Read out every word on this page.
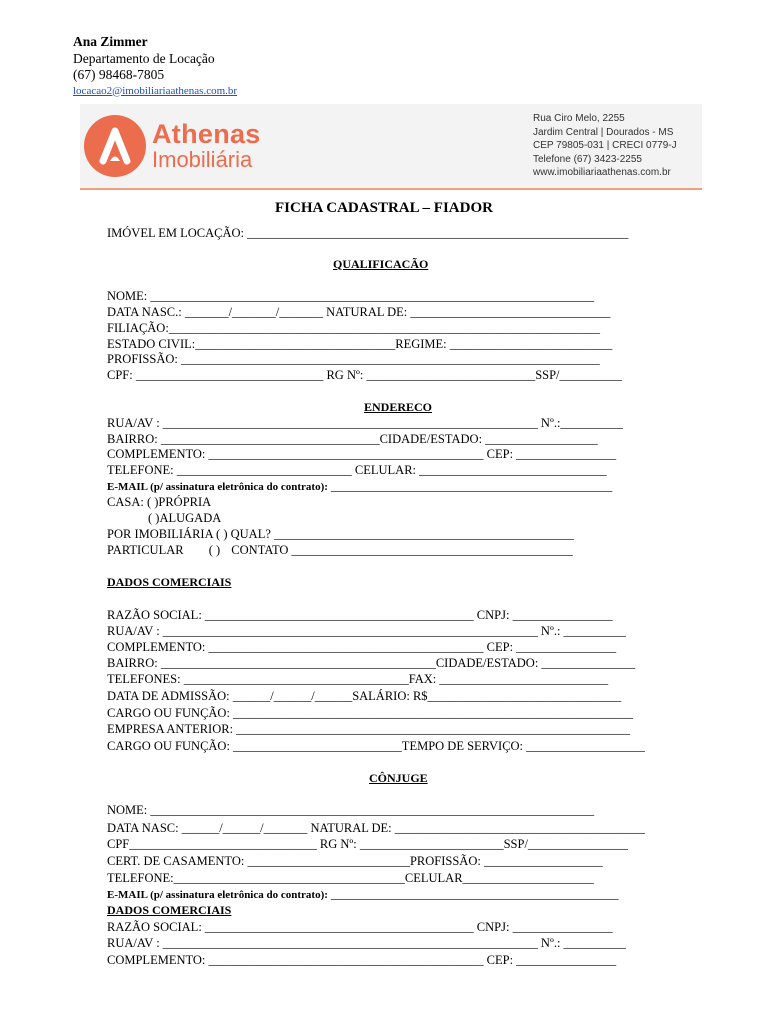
Ana Zimmer
Departamento de Locação
(67) 98468-7805
locacao2@imobiliariaathenas.com.br
Athenas
Imobiliária
Rua Ciro Melo, 2255
Jardim Central | Dourados - MS
CEP 79805-031 | CRECI 0779-J
Telefone (67) 3423-2255
www.imobiliariaathenas.com.br
FICHA CADASTRAL – FIADOR
IMÓVEL EM LOCAÇÃO: _____________________________________________________________
QUALIFICACÃO
NOME: _______________________________________________________________________
DATA NASC.: _______/_______/_______ NATURAL DE: ________________________________
FILIAÇÃO:_____________________________________________________________________
ESTADO CIVIL:________________________________REGIME: __________________________
PROFISSÃO: ___________________________________________________________________
CPF: ______________________________ RG Nº: ___________________________SSP/__________
ENDERECO
RUA/AV : ____________________________________________________________ Nº.:__________
BAIRRO: ___________________________________CIDADE/ESTADO: __________________
COMPLEMENTO: ____________________________________________ CEP: ________________
TELEFONE: ____________________________ CELULAR: ______________________________
E-MAIL (p/ assinatura eletrônica do contrato): _____________________________________________
CASA: ( )PRÓPRIA
( )ALUGADA
POR IMOBILIÁRIA ( ) QUAL? ________________________________________________
PARTICULAR ( ) CONTATO _____________________________________________
DADOS COMERCIAIS
RAZÃO SOCIAL: ___________________________________________ CNPJ: ________________
RUA/AV : ____________________________________________________________ Nº.: __________
COMPLEMENTO: ____________________________________________ CEP: ________________
BAIRRO: ____________________________________________CIDADE/ESTADO: _______________
TELEFONES: ____________________________________FAX: ___________________________
DATA DE ADMISSÃO: ______/______/______SALÁRIO: R$_______________________________
CARGO OU FUNÇÃO: ________________________________________________________________
EMPRESA ANTERIOR: _______________________________________________________________
CARGO OU FUNÇÃO: ___________________________TEMPO DE SERVIÇO: ___________________
CÔNJUGE
NOME: _______________________________________________________________________
DATA NASC: ______/______/_______ NATURAL DE: ________________________________________
CPF______________________________ RG Nº: _______________________SSP/________________
CERT. DE CASAMENTO: __________________________PROFISSÃO: ___________________
TELEFONE:_____________________________________CELULAR_____________________
E-MAIL (p/ assinatura eletrônica do contrato): ______________________________________________
DADOS COMERCIAIS
RAZÃO SOCIAL: ___________________________________________ CNPJ: ________________
RUA/AV : ____________________________________________________________ Nº.: __________
COMPLEMENTO: ____________________________________________ CEP: ________________
